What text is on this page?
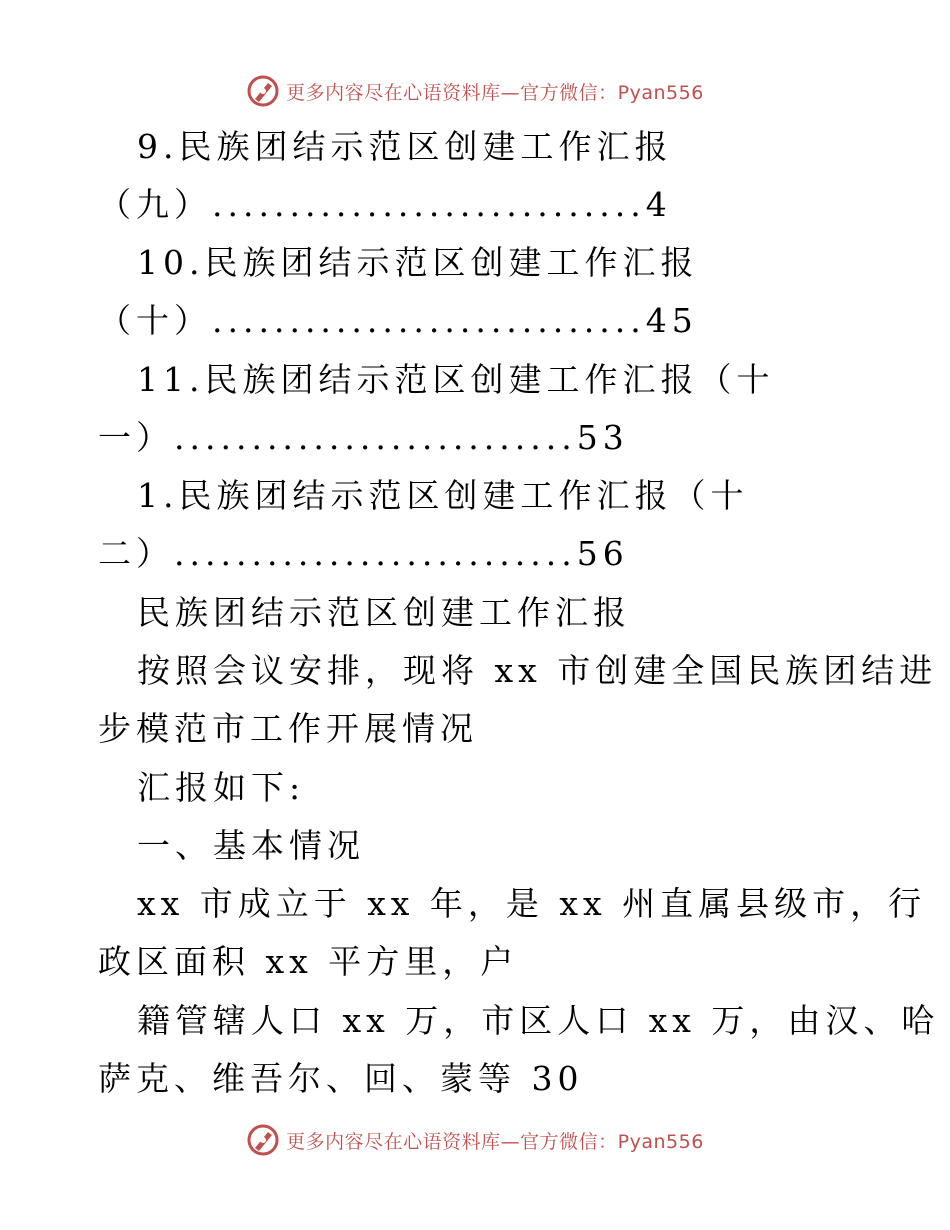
更多内容尽在心语资料库—官方微信：Pyan556
9.民族团结示范区创建工作汇报
（九）............................4
10.民族团结示范区创建工作汇报
（十）............................45
11.民族团结示范区创建工作汇报（十
一）..........................53
1.民族团结示范区创建工作汇报（十
二）..........................56
民族团结示范区创建工作汇报
按照会议安排，现将 xx 市创建全国民族团结进
步模范市工作开展情况
汇报如下:
一、基本情况
xx 市成立于 xx 年，是 xx 州直属县级市，行
政区面积 xx 平方里，户
籍管辖人口 xx 万，市区人口 xx 万，由汉、哈
萨克、维吾尔、回、蒙等 30
更多内容尽在心语资料库—官方微信：Pyan556
